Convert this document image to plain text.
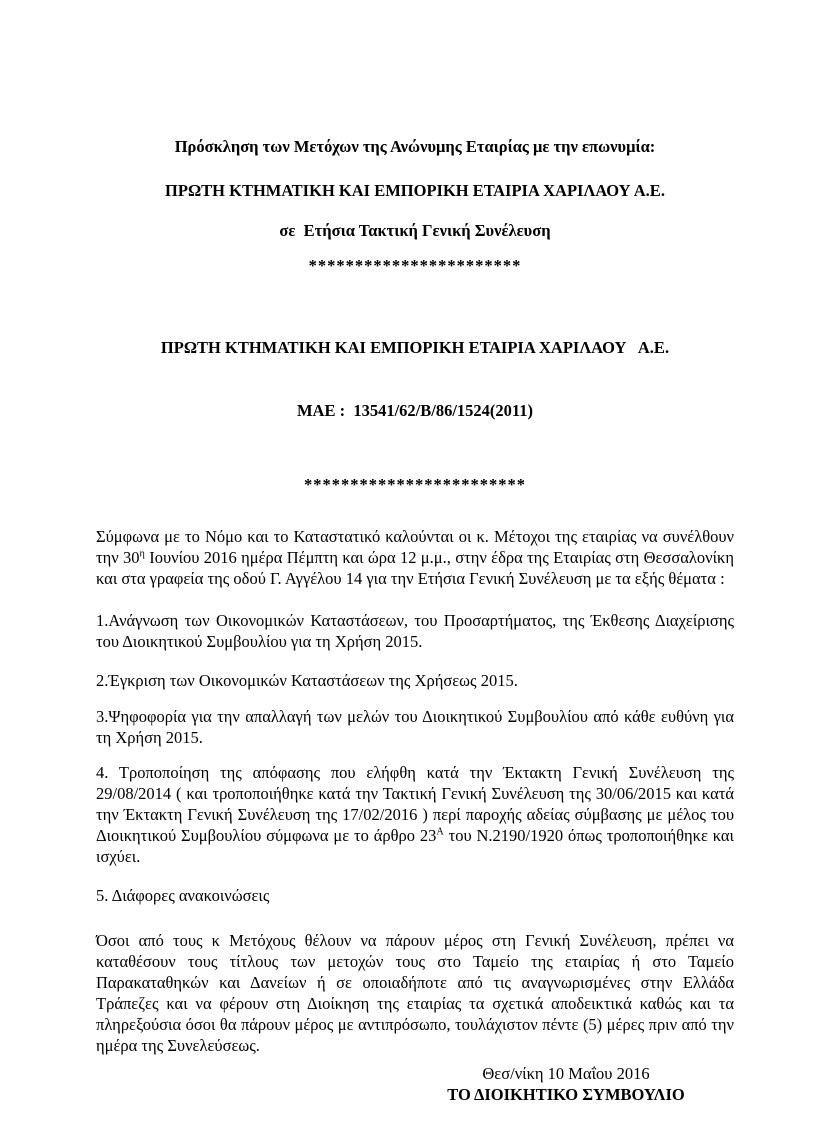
Πρόσκληση των Μετόχων της Ανώνυμης Εταιρίας με την επωνυμία:
ΠΡΩΤΗ ΚΤΗΜΑΤΙΚΗ ΚΑΙ ΕΜΠΟΡΙΚΗ ΕΤΑΙΡΙΑ ΧΑΡΙΛΑΟΥ Α.Ε.
σε  Ετήσια Τακτική Γενική Συνέλευση
***********************

ΠΡΩΤΗ ΚΤΗΜΑΤΙΚΗ ΚΑΙ ΕΜΠΟΡΙΚΗ ΕΤΑΙΡΙΑ ΧΑΡΙΛΑΟΥ   Α.Ε.

ΜΑΕ :  13541/62/Β/86/1524(2011)

************************

Σύμφωνα με το Νόμο και το Καταστατικό καλούνται οι κ. Μέτοχοι της εταιρίας να συνέλθουν την $30^\eta$ Ιουνίου 2016 ημέρα Πέμπτη και ώρα 12 μ.μ., στην έδρα της Εταιρίας στη Θεσσαλονίκη και στα γραφεία της οδού Γ. Αγγέλου 14 για την Ετήσια Γενική Συνέλευση με τα εξής θέματα :

1.Ανάγνωση των Οικονομικών Καταστάσεων, του Προσαρτήματος, της Έκθεσης Διαχείρισης του Διοικητικού Συμβουλίου για τη Χρήση 2015.

2.Έγκριση των Οικονομικών Καταστάσεων της Χρήσεως 2015.

3.Ψηφοφορία για την απαλλαγή των μελών του Διοικητικού Συμβουλίου από κάθε ευθύνη για τη Χρήση 2015.

4. Τροποποίηση της απόφασης που ελήφθη κατά την Έκτακτη Γενική Συνέλευση της 29/08/2014 ( και τροποποιήθηκε κατά την Τακτική Γενική Συνέλευση της 30/06/2015 και κατά την Έκτακτη Γενική Συνέλευση της 17/02/2016 ) περί παροχής αδείας σύμβασης με μέλος του Διοικητικού Συμβουλίου σύμφωνα με το άρθρο $23^A$ του Ν.2190/1920 όπως τροποποιήθηκε και ισχύει.

5. Διάφορες ανακοινώσεις

Όσοι από τους κ Μετόχους θέλουν να πάρουν μέρος στη Γενική Συνέλευση, πρέπει να καταθέσουν τους τίτλους των μετοχών τους στο Ταμείο της εταιρίας ή στο Ταμείο Παρακαταθηκών και Δανείων ή σε οποιαδήποτε από τις αναγνωρισμένες στην Ελλάδα Τράπεζες και να φέρουν στη Διοίκηση της εταιρίας τα σχετικά αποδεικτικά καθώς και τα πληρεξούσια όσοι θα πάρουν μέρος με αντιπρόσωπο, τουλάχιστον πέντε (5) μέρες πριν από την ημέρα της Συνελεύσεως.

Θεσ/νίκη 10 Μαΐου 2016
ΤΟ ΔΙΟΙΚΗΤΙΚΟ ΣΥΜΒΟΥΛΙΟ
